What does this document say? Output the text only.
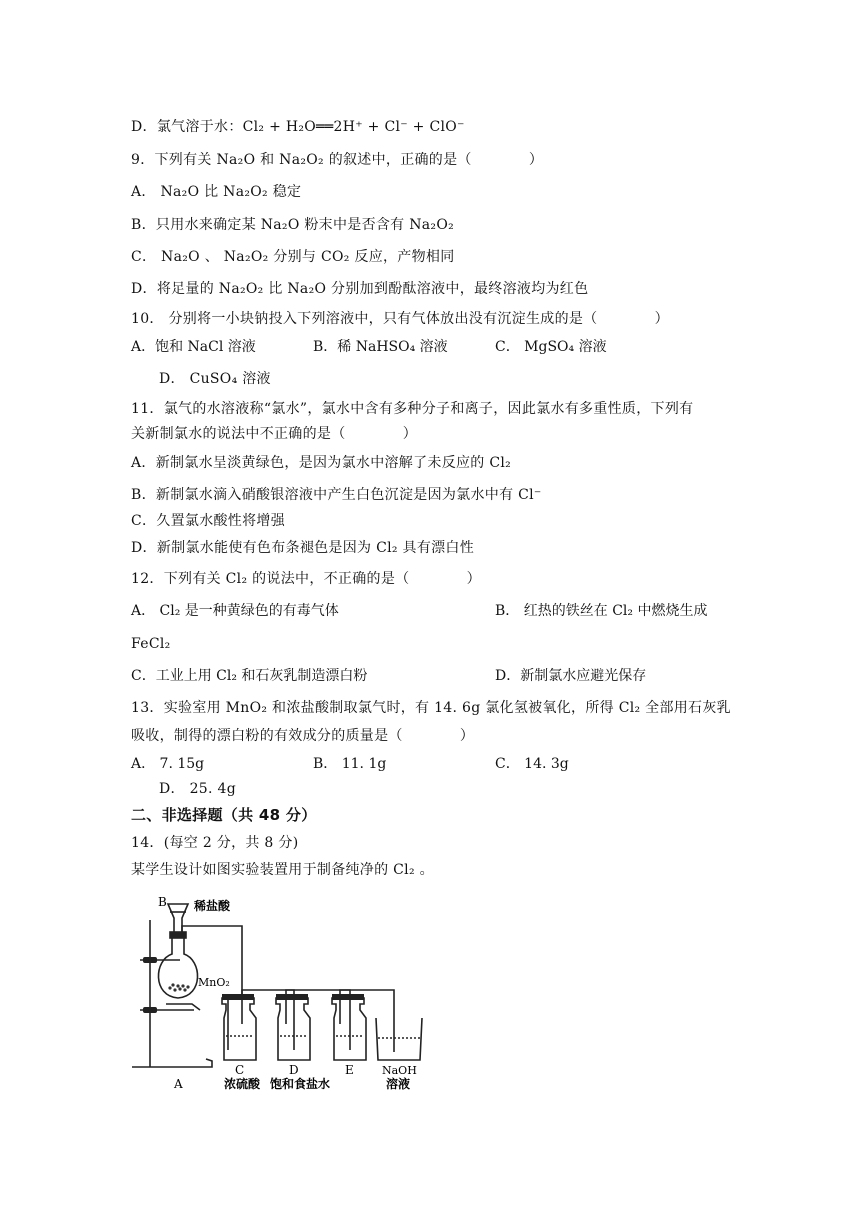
D．氯气溶于水：Cl₂ + H₂O══2H⁺ + Cl⁻ + ClO⁻
9．下列有关 Na₂O 和 Na₂O₂ 的叙述中，正确的是（　　　　）
A． Na₂O 比 Na₂O₂ 稳定
B．只用水来确定某 Na₂O 粉末中是否含有 Na₂O₂
C． Na₂O 、 Na₂O₂ 分别与 CO₂ 反应，产物相同
D．将足量的 Na₂O₂ 比 Na₂O 分别加到酚酞溶液中，最终溶液均为红色
10． 分别将一小块钠投入下列溶液中，只有气体放出没有沉淀生成的是（　　　　）
A．饱和 NaCl 溶液	B．稀 NaHSO₄ 溶液	C． MgSO₄ 溶液
D． CuSO₄ 溶液
11．氯气的水溶液称“氯水”，氯水中含有多种分子和离子，因此氯水有多重性质，下列有
关新制氯水的说法中不正确的是（　　　　）
A．新制氯水呈淡黄绿色，是因为氯水中溶解了未反应的 Cl₂
B．新制氯水滴入硝酸银溶液中产生白色沉淀是因为氯水中有 Cl⁻
C．久置氯水酸性将增强
D．新制氯水能使有色布条褪色是因为 Cl₂ 具有漂白性
12．下列有关 Cl₂ 的说法中，不正确的是（　　　　）
A． Cl₂ 是一种黄绿色的有毒气体	B． 红热的铁丝在 Cl₂ 中燃烧生成
FeCl₂
C．工业上用 Cl₂ 和石灰乳制造漂白粉	D．新制氯水应避光保存
13．实验室用 MnO₂ 和浓盐酸制取氯气时，有 14. 6g 氯化氢被氧化，所得 Cl₂ 全部用石灰乳
吸收，制得的漂白粉的有效成分的质量是（　　　　）
A． 7. 15g	B． 11. 1g	C． 14. 3g
D． 25. 4g
二、非选择题（共 48 分）
14．(每空 2 分，共 8 分)
某学生设计如图实验装置用于制备纯净的 Cl₂ 。
B 稀盐酸
MnO₂
A
C	D	E	NaOH
溶液
浓硫酸 饱和食盐水
